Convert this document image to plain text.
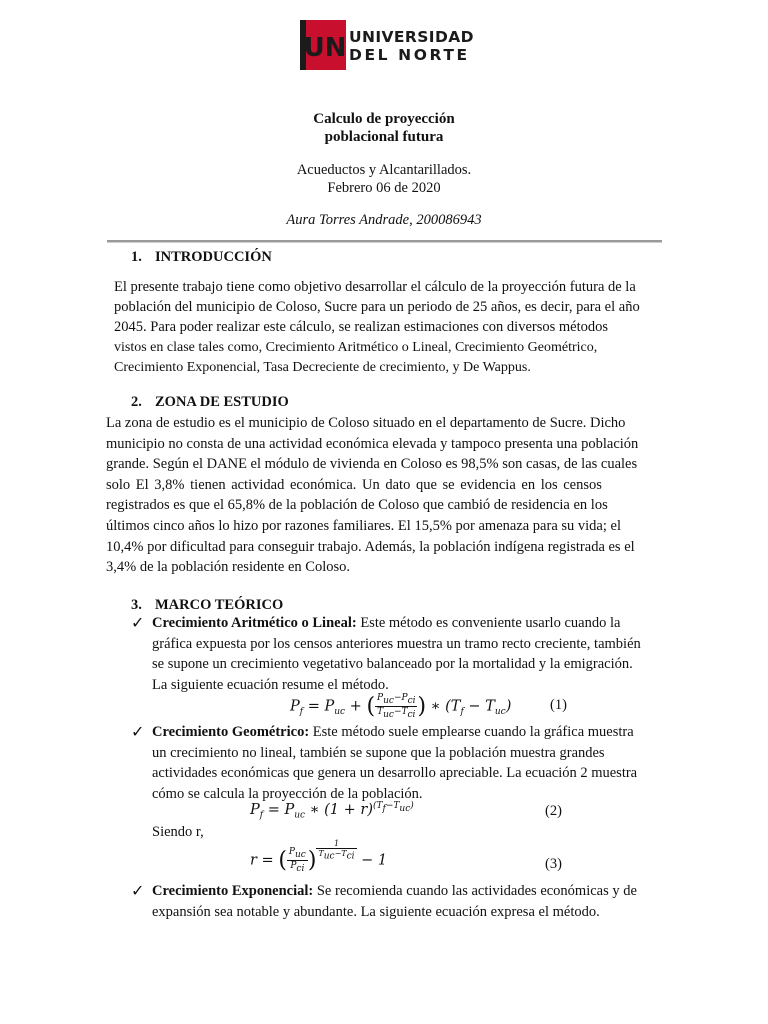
UN UNIVERSIDAD
DEL NORTE
Calculo de proyección
poblacional futura
Acueductos y Alcantarillados.
Febrero 06 de 2020
Aura Torres Andrade, 200086943
1. INTRODUCCIÓN
El presente trabajo tiene como objetivo desarrollar el cálculo de la proyección futura de la
población del municipio de Coloso, Sucre para un periodo de 25 años, es decir, para el año
2045. Para poder realizar este cálculo, se realizan estimaciones con diversos métodos
vistos en clase tales como, Crecimiento Aritmético o Lineal, Crecimiento Geométrico,
Crecimiento Exponencial, Tasa Decreciente de crecimiento, y De Wappus.
2. ZONA DE ESTUDIO
La zona de estudio es el municipio de Coloso situado en el departamento de Sucre. Dicho
municipio no consta de una actividad económica elevada y tampoco presenta una población
grande. Según el DANE el módulo de vivienda en Coloso es 98,5% son casas, de las cuales
solo El 3,8% tienen actividad económica. Un dato que se evidencia en los censos
registrados es que el 65,8% de la población de Coloso que cambió de residencia en los
últimos cinco años lo hizo por razones familiares. El 15,5% por amenaza para su vida; el
10,4% por dificultad para conseguir trabajo. Además, la población indígena registrada es el
3,4% de la población residente en Coloso.
3. MARCO TEÓRICO
✓ Crecimiento Aritmético o Lineal: Este método es conveniente usarlo cuando la
gráfica expuesta por los censos anteriores muestra un tramo recto creciente, también
se supone un crecimiento vegetativo balanceado por la mortalidad y la emigración.
La siguiente ecuación resume el método.
$P_f = P_{uc}$ + ( $\frac{P_{uc}-P_{ci}}{T_{uc}-T_{ci}}$ ) ∗ $(T_f - T_{uc})$	(1)
✓ Crecimiento Geométrico: Este método suele emplearse cuando la gráfica muestra
un crecimiento no lineal, también se supone que la población muestra grandes
actividades económicas que genera un desarrollo apreciable. La ecuación 2 muestra
cómo se calcula la proyección de la población.
$P_f = P_{uc}$ ∗ $(1 + r)^{(T_f-T_{uc})}$	(2)
Siendo r,
r = ( $\frac{P_{uc}}{P_{ci}}$ ) $^{\frac{1}{T_{uc}-T_{ci}}}$ − 1	(3)
✓ Crecimiento Exponencial: Se recomienda cuando las actividades económicas y de
expansión sea notable y abundante. La siguiente ecuación expresa el método.
